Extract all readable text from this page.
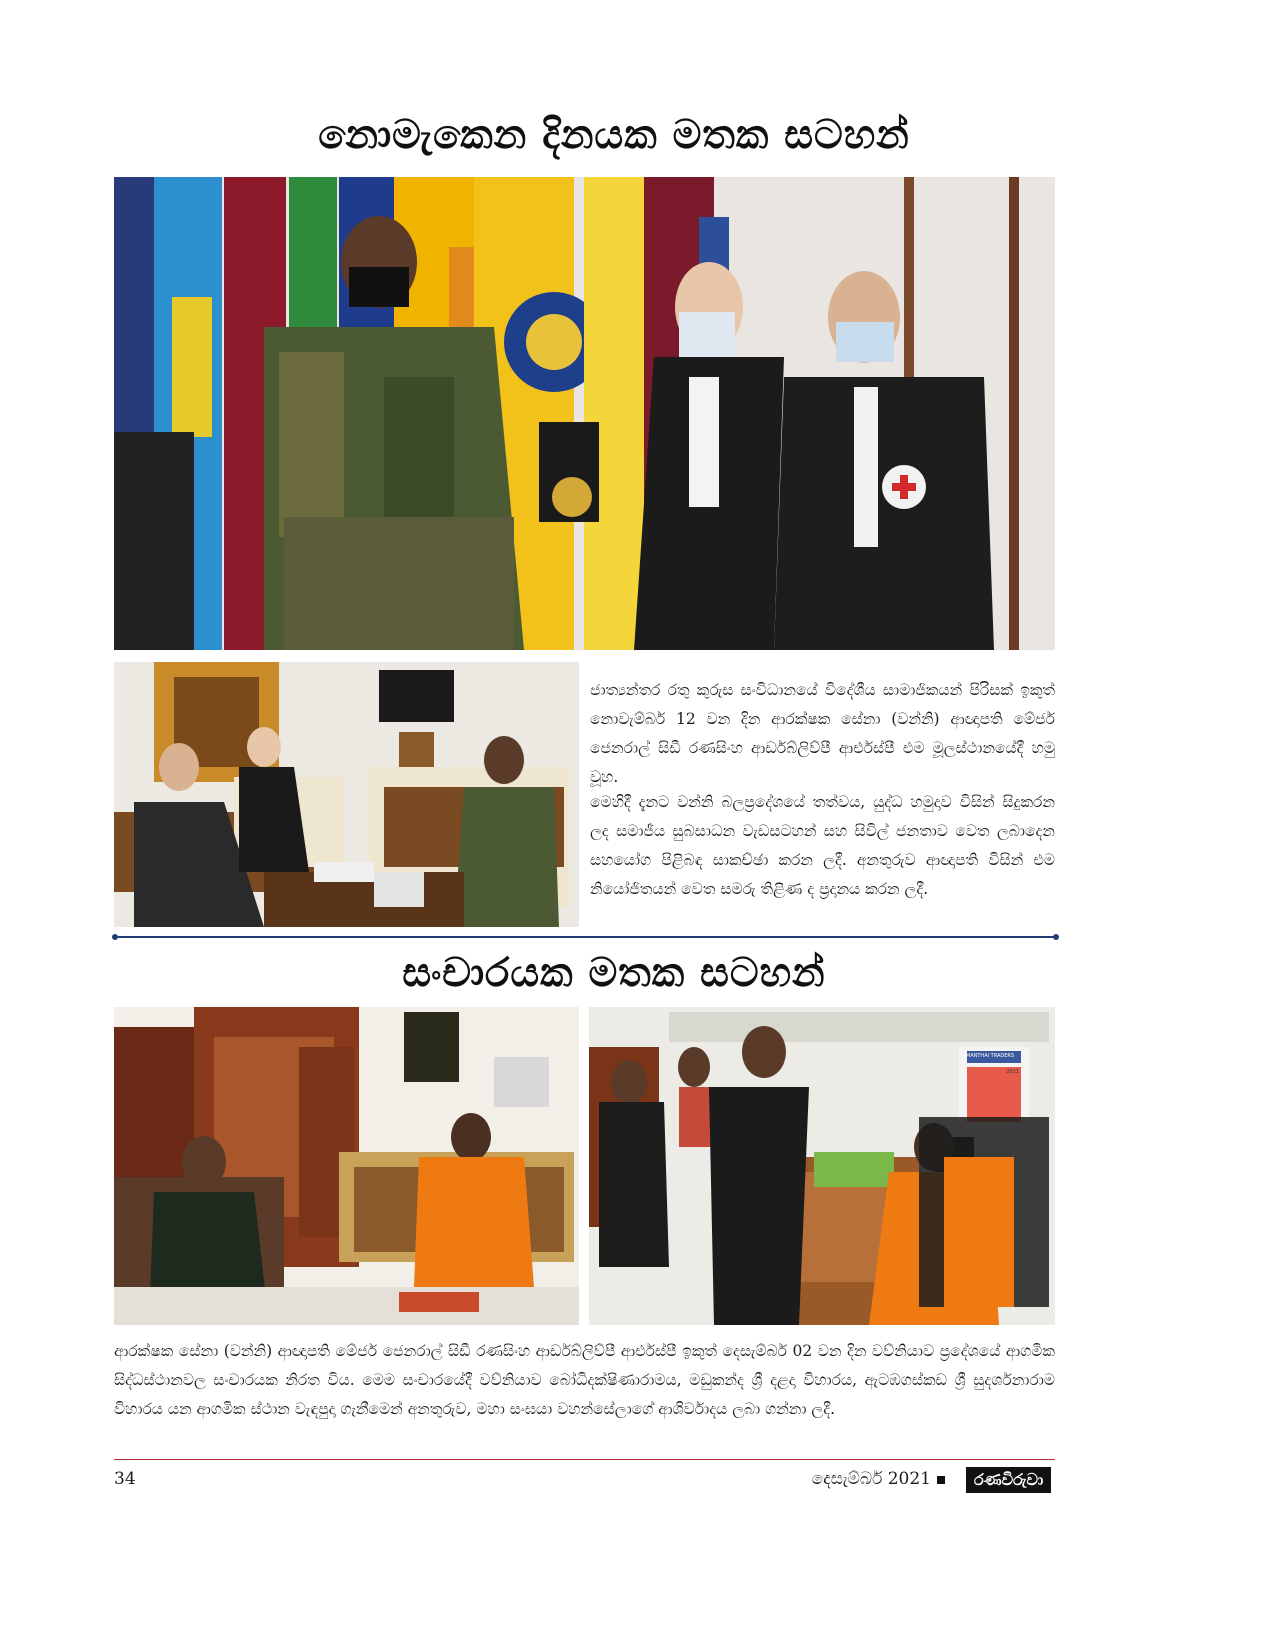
නොමැකෙන දිනයක මතක සටහන්

ජාත්‍යන්තර රතු කුරුස සංවිධානයේ විදේශීය සාමාජිකයන් පිරිසක් ඉකුත් නොවැම්බර් 12 වන දින ආරක්ෂක සේනා (වන්නි) ආඥාපති මේජර් ජෙනරාල් සිඩී රණසිංහ ආර්ඩබ්ලිව්පී ආර්එස්පී එම මූලස්ථානයේදී හමු වූහ.

මෙහිදී දැනට වන්නි බලප්‍රදේශයේ තත්වය, යුද්ධ හමුදාව විසින් සිදුකරන ලද සමාජීය සුබසාධන වැඩසටහන් සහ සිවිල් ජනතාව වෙත ලබාදෙන සහයෝග පිළිබඳ සාකච්ඡා කරන ලදී. අනතුරුව ආඥාපති විසින් එම නියෝජිතයන් වෙත සමරු තිළිණ ද ප්‍රදානය කරන ලදී.

සංචාරයක මතක සටහන්
MANTHAI TRADERS
2021

ආරක්ෂක සේනා (වන්නි) ආඥාපති මේජර් ජෙනරාල් සිඩී රණසිංහ ආර්ඩබ්ලිව්පී ආර්එස්පී ඉකුත් දෙසැම්බර් 02 වන දින වව්නියාව ප්‍රදේශයේ ආගමික සිද්ධස්ථානවල සංචාරයක නිරත විය. මෙම සංචාරයේදී වව්නියාව බෝධිදක්ෂිණාරාමය, මඩුකන්ද ශ්‍රී දළදා විහාරය, ඇටඹගස්කඩ ශ්‍රී සුදර්ශනාරාම විහාරය යන ආගමික ස්ථාන වැඳපුදා ගැනීමෙන් අනතුරුව, මහා සංඝයා වහන්සේලාගේ ආශිර්වාදය ලබා ගන්නා ලදී.

34	දෙසැම්බර් 2021	රණවිරුවා
